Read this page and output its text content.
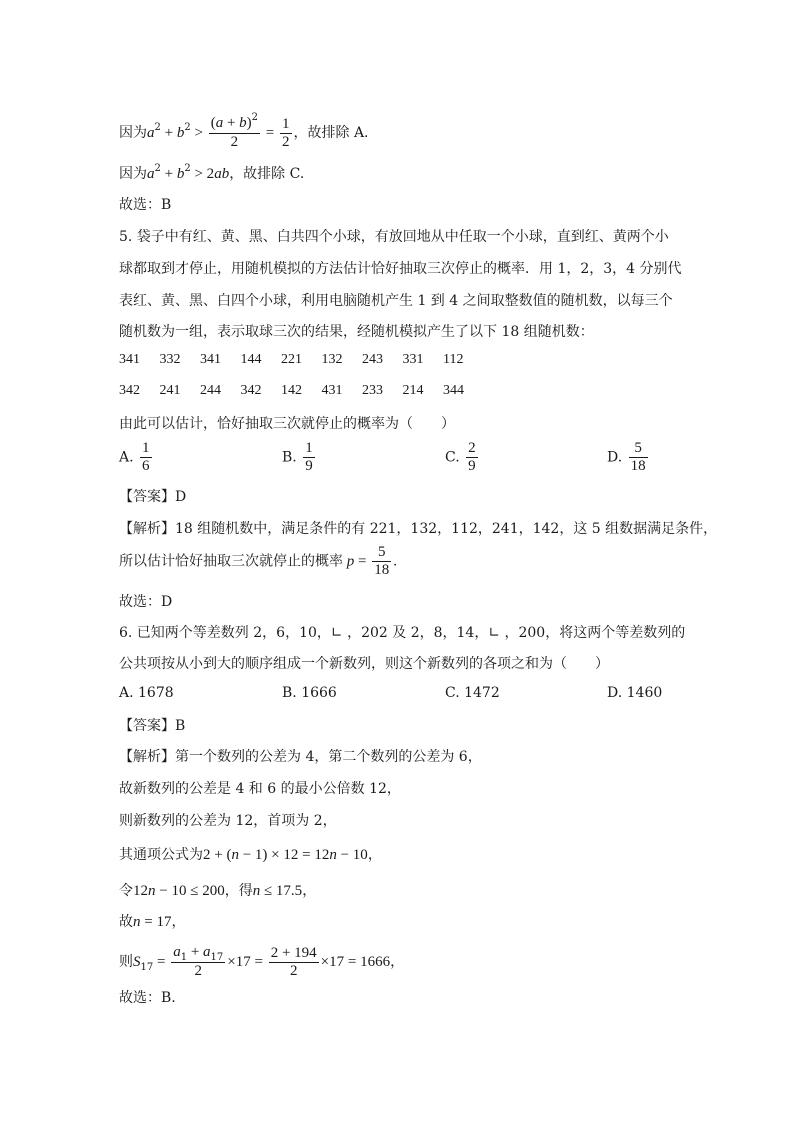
因为$a^2 + b^2 > \frac{(a + b)^2}{2} = \frac{1}{2}$ ，故排除 A.
因为$a^2 + b^2 > 2ab$，故排除 C.
故选：B
5. 袋子中有红、黄、黑、白共四个小球，有放回地从中任取一个小球，直到红、黄两个小
球都取到才停止，用随机模拟的方法估计恰好抽取三次停止的概率．用 1，2，3，4 分别代
表红、黄、黑、白四个小球，利用电脑随机产生 1 到 4 之间取整数值的随机数，以每三个
随机数为一组，表示取球三次的结果，经随机模拟产生了以下 18 组随机数：
341 332 341 144 221 132 243 331 112
342 241 244 342 142 431 233 214 344
由此可以估计，恰好抽取三次就停止的概率为（　　）
A. $\frac{1}{6}$	B. $\frac{1}{9}$	C. $\frac{2}{9}$	D. $\frac{5}{18}$
【答案】D
【解析】18 组随机数中，满足条件的有 221，132，112，241，142，这 5 组数据满足条件，
所以估计恰好抽取三次就停止的概率 $p = \frac{5}{18}$ .
故选：D
6. 已知两个等差数列 2，6，10，∟ ，202 及 2，8，14，∟ ，200，将这两个等差数列的
公共项按从小到大的顺序组成一个新数列，则这个新数列的各项之和为（　　）
A. 1678	B. 1666	C. 1472	D. 1460
【答案】B
【解析】第一个数列的公差为 4，第二个数列的公差为 6，
故新数列的公差是 4 和 6 的最小公倍数 12，
则新数列的公差为 12，首项为 2，
其通项公式为2 + (n − 1) × 12 = 12n − 10，
令12n − 10 ≤ 200，得n ≤ 17.5，
故n = 17，
则$S_{17} = \frac{a_1 + a_{17}}{2} \times 17 = \frac{2 + 194}{2} \times 17 = 1666$，
故选：B.
